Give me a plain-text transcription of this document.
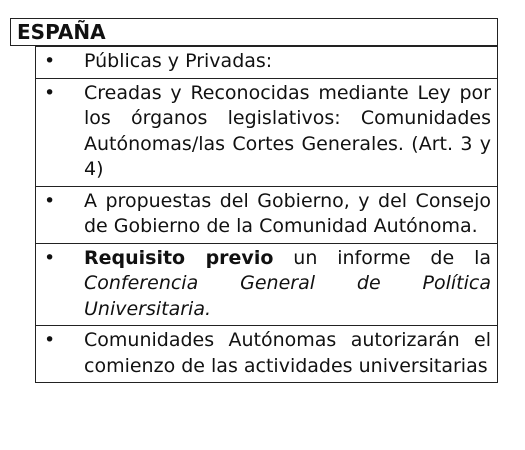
ESPAÑA
• Públicas y Privadas:
• Creadas y Reconocidas mediante Ley por los órganos legislativos: Comunidades Autónomas/las Cortes Generales. (Art. 3 y 4)
• A propuestas del Gobierno, y del Consejo de Gobierno de la Comunidad Autónoma.
• Requisito previo un informe de la Conferencia General de Política Universitaria.
• Comunidades Autónomas autorizarán el comienzo de las actividades universitarias
